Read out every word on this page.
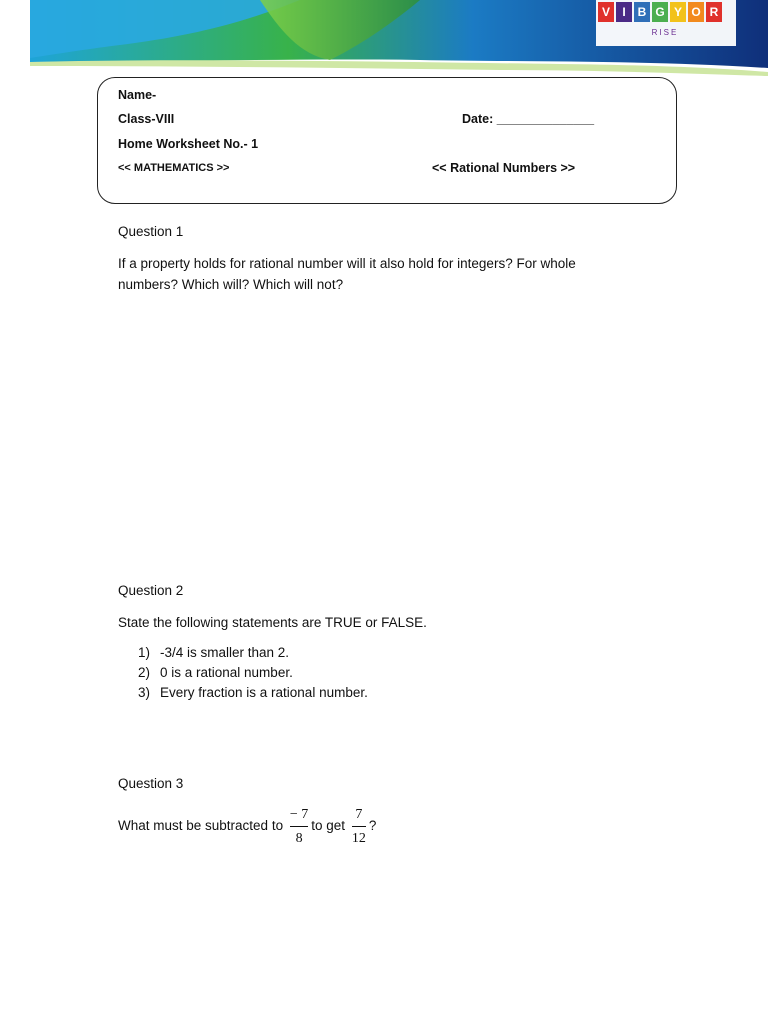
V	I B G Y O R
RISE
Name-
Class-VIII	Date: ______________
Home Worksheet No.- 1
<< MATHEMATICS >>	<< Rational Numbers >>
Question 1
If a property holds for rational number will it also hold for integers? For whole numbers? Which will? Which will not?
Question 2
State the following statements are TRUE or FALSE.
1) -3/4 is smaller than 2.
2) 0 is a rational number.
3) Every fraction is a rational number.
Question 3
What must be subtracted to $\frac{- 7}{8}$ to get $\frac{7}{12}$ ?
